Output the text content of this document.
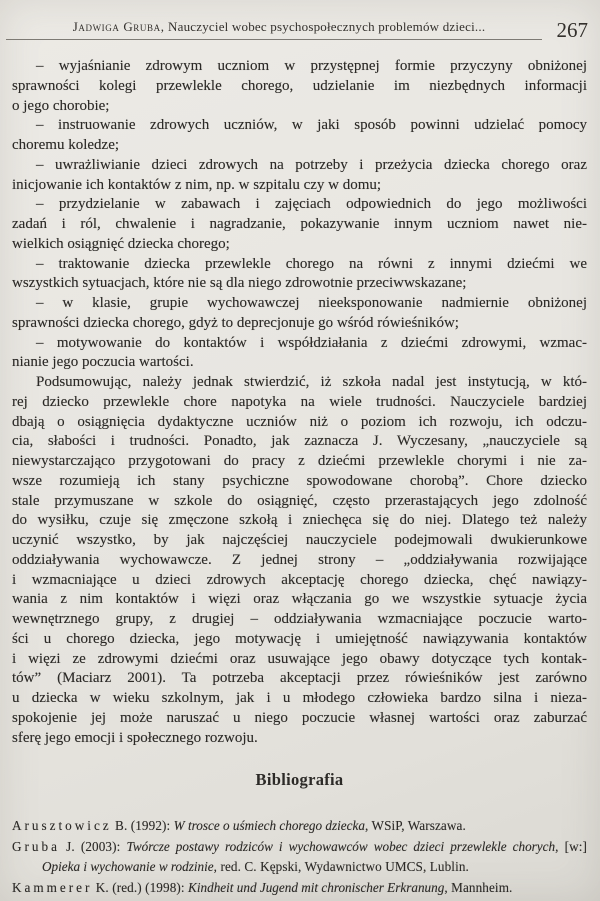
Jadwiga Gruba, Nauczyciel wobec psychospołecznych problemów dzieci...	267
– wyjaśnianie zdrowym uczniom w przystępnej formie przyczyny obniżonej
sprawności kolegi przewlekle chorego, udzielanie im niezbędnych informacji
o jego chorobie;
– instruowanie zdrowych uczniów, w jaki sposób powinni udzielać pomocy
choremu koledze;
– uwrażliwianie dzieci zdrowych na potrzeby i przeżycia dziecka chorego oraz
inicjowanie ich kontaktów z nim, np. w szpitalu czy w domu;
– przydzielanie w zabawach i zajęciach odpowiednich do jego możliwości
zadań i ról, chwalenie i nagradzanie, pokazywanie innym uczniom nawet nie-
wielkich osiągnięć dziecka chorego;
– traktowanie dziecka przewlekle chorego na równi z innymi dziećmi we
wszystkich sytuacjach, które nie są dla niego zdrowotnie przeciwwskazane;
– w klasie, grupie wychowawczej nieeksponowanie nadmiernie obniżonej
sprawności dziecka chorego, gdyż to deprecjonuje go wśród rówieśników;
– motywowanie do kontaktów i współdziałania z dziećmi zdrowymi, wzmac-
nianie jego poczucia wartości.
Podsumowując, należy jednak stwierdzić, iż szkoła nadal jest instytucją, w któ-
rej dziecko przewlekle chore napotyka na wiele trudności. Nauczyciele bardziej
dbają o osiągnięcia dydaktyczne uczniów niż o poziom ich rozwoju, ich odczu-
cia, słabości i trudności. Ponadto, jak zaznacza J. Wyczesany, „nauczyciele są
niewystarczająco przygotowani do pracy z dziećmi przewlekle chorymi i nie za-
wsze rozumieją ich stany psychiczne spowodowane chorobą”. Chore dziecko
stale przymuszane w szkole do osiągnięć, często przerastających jego zdolność
do wysiłku, czuje się zmęczone szkołą i zniechęca się do niej. Dlatego też należy
uczynić wszystko, by jak najczęściej nauczyciele podejmowali dwukierunkowe
oddziaływania wychowawcze. Z jednej strony – „oddziaływania rozwijające
i wzmacniające u dzieci zdrowych akceptację chorego dziecka, chęć nawiązy-
wania z nim kontaktów i więzi oraz włączania go we wszystkie sytuacje życia
wewnętrznego grupy, z drugiej – oddziaływania wzmacniające poczucie warto-
ści u chorego dziecka, jego motywację i umiejętność nawiązywania kontaktów
i więzi ze zdrowymi dziećmi oraz usuwające jego obawy dotyczące tych kontak-
tów” (Maciarz 2001). Ta potrzeba akceptacji przez rówieśników jest zarówno
u dziecka w wieku szkolnym, jak i u młodego człowieka bardzo silna i nieza-
spokojenie jej może naruszać u niego poczucie własnej wartości oraz zaburzać
sferę jego emocji i społecznego rozwoju.
Bibliografia
Arusztowicz B. (1992): W trosce o uśmiech chorego dziecka, WSiP, Warszawa.
Gruba J. (2003): Twórcze postawy rodziców i wychowawców wobec dzieci przewlekle chorych, [w:] Opieka i wychowanie w rodzinie, red. C. Kępski, Wydawnictwo UMCS, Lublin.
Kammerer K. (red.) (1998): Kindheit und Jugend mit chronischer Erkranung, Mannheim.
